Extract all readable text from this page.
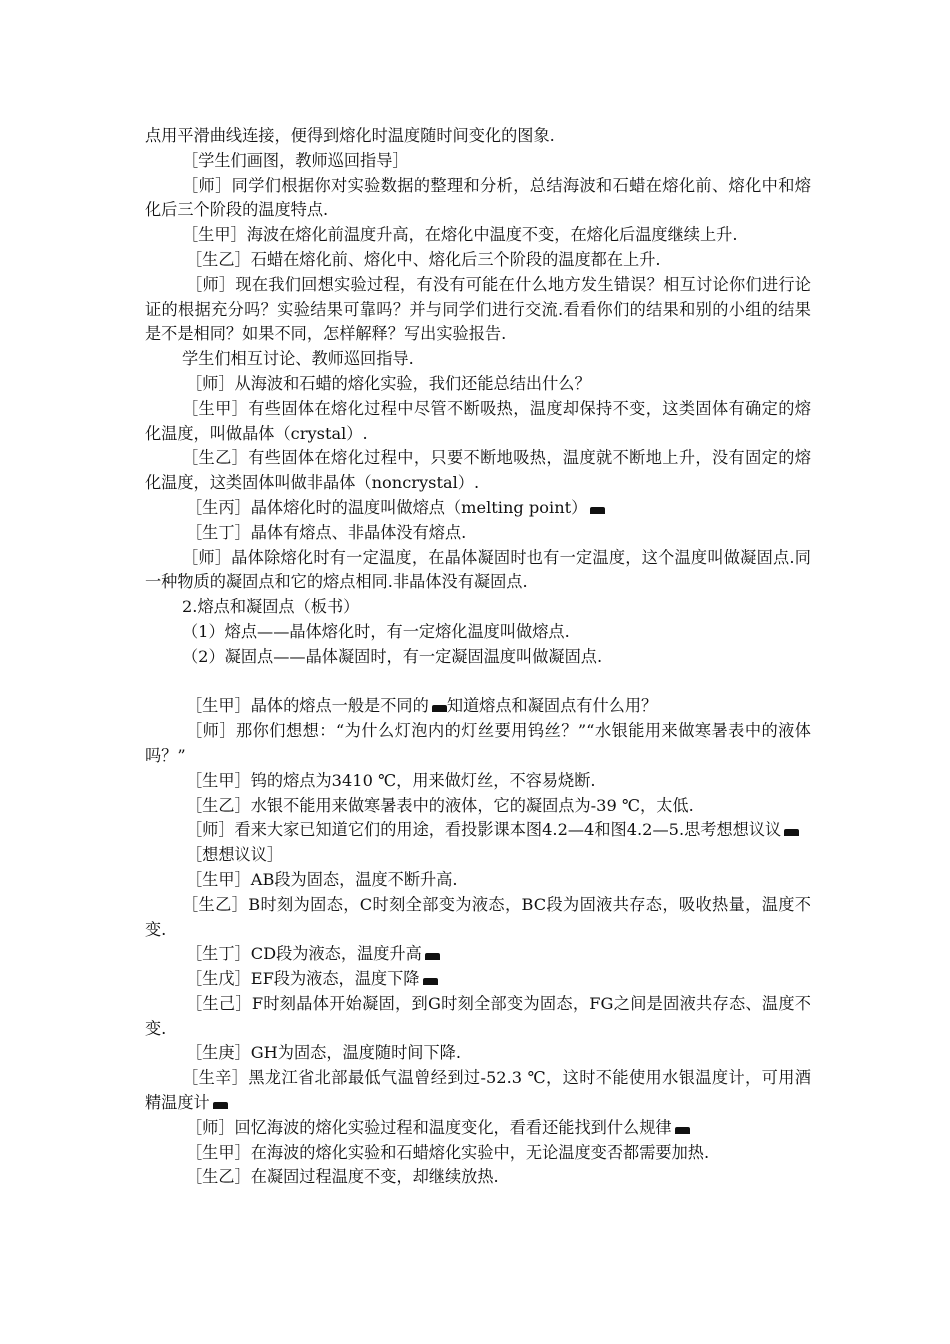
点用平滑曲线连接，便得到熔化时温度随时间变化的图象.

［学生们画图，教师巡回指导］

［师］同学们根据你对实验数据的整理和分析，总结海波和石蜡在熔化前、熔化中和熔化后三个阶段的温度特点.

［生甲］海波在熔化前温度升高，在熔化中温度不变，在熔化后温度继续上升.

［生乙］石蜡在熔化前、熔化中、熔化后三个阶段的温度都在上升.

［师］现在我们回想实验过程，有没有可能在什么地方发生错误？相互讨论你们进行论证的根据充分吗？实验结果可靠吗？并与同学们进行交流.看看你们的结果和别的小组的结果是不是相同？如果不同，怎样解释？写出实验报告.

学生们相互讨论、教师巡回指导.

［师］从海波和石蜡的熔化实验，我们还能总结出什么？

［生甲］有些固体在熔化过程中尽管不断吸热，温度却保持不变，这类固体有确定的熔化温度，叫做晶体（crystal）.

［生乙］有些固体在熔化过程中，只要不断地吸热，温度就不断地上升，没有固定的熔化温度，这类固体叫做非晶体（noncrystal）.

［生丙］晶体熔化时的温度叫做熔点（melting point）

［生丁］晶体有熔点、非晶体没有熔点.

［师］晶体除熔化时有一定温度，在晶体凝固时也有一定温度，这个温度叫做凝固点.同一种物质的凝固点和它的熔点相同.非晶体没有凝固点.

2.熔点和凝固点（板书）

（1）熔点——晶体熔化时，有一定熔化温度叫做熔点.

（2）凝固点——晶体凝固时，有一定凝固温度叫做凝固点.

［生甲］晶体的熔点一般是不同的 知道熔点和凝固点有什么用？

［师］那你们想想：“为什么灯泡内的灯丝要用钨丝？”“水银能用来做寒暑表中的液体吗？”

［生甲］钨的熔点为3410 ℃，用来做灯丝，不容易烧断.

［生乙］水银不能用来做寒暑表中的液体，它的凝固点为-39 ℃，太低.

［师］看来大家已知道它们的用途，看投影课本图4.2—4和图4.2—5.思考想想议议

［想想议议］

［生甲］AB段为固态，温度不断升高.

［生乙］B时刻为固态，C时刻全部变为液态，BC段为固液共存态，吸收热量，温度不变.

［生丁］CD段为液态，温度升高

［生戊］EF段为液态，温度下降

［生己］F时刻晶体开始凝固，到G时刻全部变为固态，FG之间是固液共存态、温度不变.

［生庚］GH为固态，温度随时间下降.

［生辛］黑龙江省北部最低气温曾经到过-52.3 ℃，这时不能使用水银温度计，可用酒精温度计

［师］回忆海波的熔化实验过程和温度变化，看看还能找到什么规律

［生甲］在海波的熔化实验和石蜡熔化实验中，无论温度变否都需要加热.

［生乙］在凝固过程温度不变，却继续放热.
